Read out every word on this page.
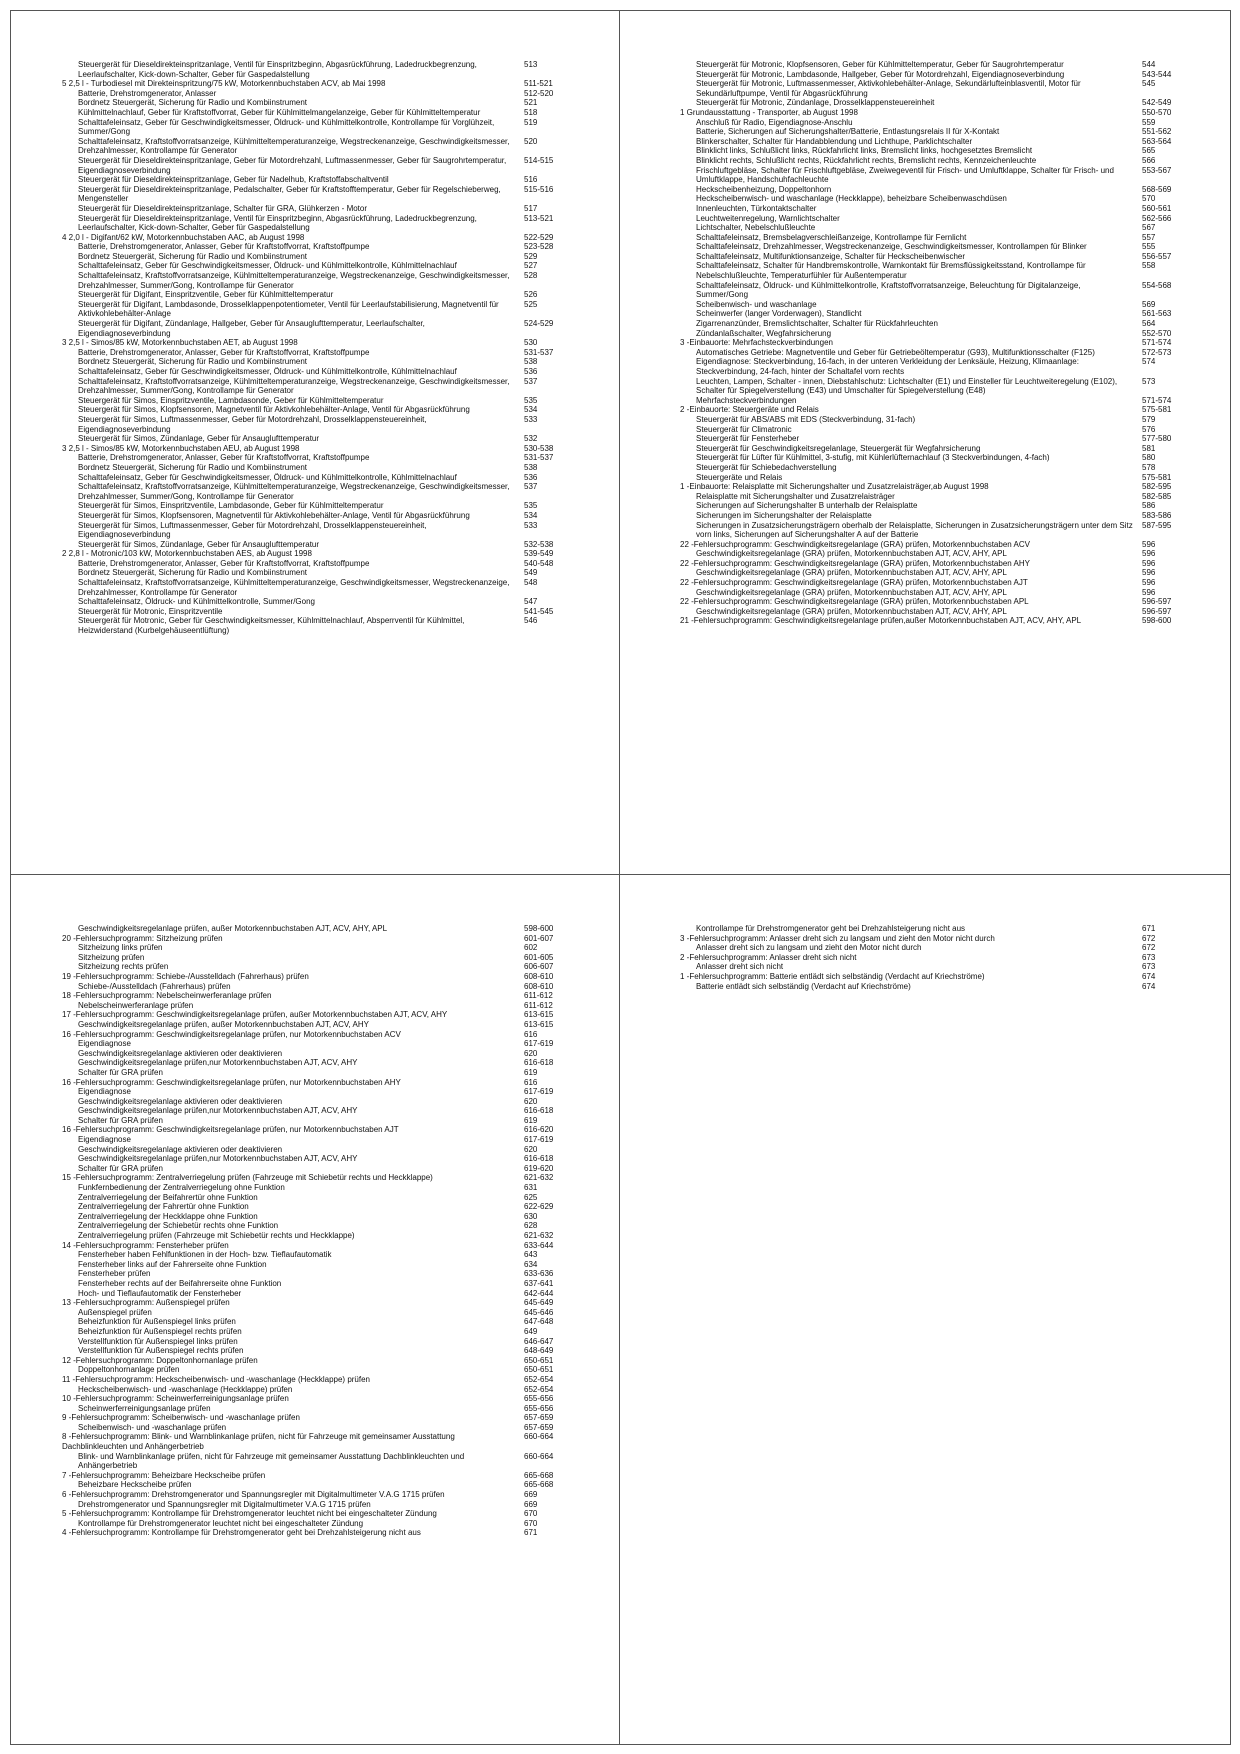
Steuergerät für Dieseldirekteinspritzanlage, Ventil für Einspritzbeginn, Abgasrückführung, Ladedruckbegrenzung, Leerlaufschalter, Kick-down-Schalter, Geber für Gaspedalstellung
513
5 2,5 l - Turbodiesel mit Direkteinspritzung/75 kW, Motorkennbuchstaben ACV, ab Mai 1998	511-521
Batterie, Drehstromgenerator, Anlasser	512-520
Bordnetz Steuergerät, Sicherung für Radio und Kombiinstrument	521
Kühlmittelnachlauf, Geber für Kraftstoffvorrat, Geber für Kühlmittelmangelanzeige, Geber für Kühlmitteltemperatur	518
Schalttafeleinsatz, Geber für Geschwindigkeitsmesser, Öldruck- und Kühlmittelkontrolle, Kontrollampe für Vorglühzeit, Summer/Gong
519
Schalttafeleinsatz, Kraftstoffvorratsanzeige, Kühlmitteltemperaturanzeige, Wegstreckenanzeige, Geschwindigkeitsmesser, Drehzahlmesser, Kontrollampe für Generator
520
Steuergerät für Dieseldirekteinspritzanlage, Geber für Motordrehzahl, Luftmassenmesser, Geber für Saugrohrtemperatur, Eigendiagnoseverbindung
514-515
Steuergerät für Dieseldirekteinspritzanlage, Geber für Nadelhub, Kraftstoffabschaltventil	516
Steuergerät für Dieseldirekteinspritzanlage, Pedalschalter, Geber für Kraftstofftemperatur, Geber für Regelschieberweg, Mengensteller
515-516
Steuergerät für Dieseldirekteinspritzanlage, Schalter für GRA, Glühkerzen - Motor	517
Steuergerät für Dieseldirekteinspritzanlage, Ventil für Einspritzbeginn, Abgasrückführung, Ladedruckbegrenzung, Leerlaufschalter, Kick-down-Schalter, Geber für Gaspedalstellung
513-521
4 2,0 l - Digifant/62 kW, Motorkennbuchstaben AAC, ab August 1998	522-529
Batterie, Drehstromgenerator, Anlasser, Geber für Kraftstoffvorrat, Kraftstoffpumpe	523-528
Bordnetz Steuergerät, Sicherung für Radio und Kombiinstrument	529
Schalttafeleinsatz, Geber für Geschwindigkeitsmesser, Öldruck- und Kühlmittelkontrolle, Kühlmittelnachlauf	527
Schalttafeleinsatz, Kraftstoffvorratsanzeige, Kühlmitteltemperaturanzeige, Wegstreckenanzeige, Geschwindigkeitsmesser, Drehzahlmesser, Summer/Gong, Kontrollampe für Generator
528
Steuergerät für Digifant, Einspritzventile, Geber für Kühlmitteltemperatur	526
Steuergerät für Digifant, Lambdasonde, Drosselklappenpotentiometer, Ventil für Leerlaufstabilisierung, Magnetventil für Aktivkohlebehälter-Anlage
525
Steuergerät für Digifant, Zündanlage, Hallgeber, Geber für Ansauglufttemperatur, Leerlaufschalter, Eigendiagnoseverbindung
524-529
3 2,5 l - Simos/85 kW, Motorkennbuchstaben AET, ab August 1998	530
Batterie, Drehstromgenerator, Anlasser, Geber für Kraftstoffvorrat, Kraftstoffpumpe	531-537
Bordnetz Steuergerät, Sicherung für Radio und Kombiinstrument	538
Schalttafeleinsatz, Geber für Geschwindigkeitsmesser, Öldruck- und Kühlmittelkontrolle, Kühlmittelnachlauf	536
Schalttafeleinsatz, Kraftstoffvorratsanzeige, Kühlmitteltemperaturanzeige, Wegstreckenanzeige, Geschwindigkeitsmesser, Drehzahlmesser, Summer/Gong, Kontrollampe für Generator
537
Steuergerät für Simos, Einspritzventile, Lambdasonde, Geber für Kühlmitteltemperatur	535
Steuergerät für Simos, Klopfsensoren, Magnetventil für Aktivkohlebehälter-Anlage, Ventil für Abgasrückführung	534
Steuergerät für Simos, Luftmassenmesser, Geber für Motordrehzahl, Drosselklappensteuereinheit, Eigendiagnoseverbindung
533
Steuergerät für Simos, Zündanlage, Geber für Ansauglufttemperatur	532
3 2,5 l - Simos/85 kW, Motorkennbuchstaben AEU, ab August 1998	530-538
Batterie, Drehstromgenerator, Anlasser, Geber für Kraftstoffvorrat, Kraftstoffpumpe	531-537
Bordnetz Steuergerät, Sicherung für Radio und Kombiinstrument	538
Schalttafeleinsatz, Geber für Geschwindigkeitsmesser, Öldruck- und Kühlmittelkontrolle, Kühlmittelnachlauf	536
Schalttafeleinsatz, Kraftstoffvorratsanzeige, Kühlmitteltemperaturanzeige, Wegstreckenanzeige, Geschwindigkeitsmesser, Drehzahlmesser, Summer/Gong, Kontrollampe für Generator
537
Steuergerät für Simos, Einspritzventile, Lambdasonde, Geber für Kühlmitteltemperatur	535
Steuergerät für Simos, Klopfsensoren, Magnetventil für Aktivkohlebehälter-Anlage, Ventil für Abgasrückführung	534
Steuergerät für Simos, Luftmassenmesser, Geber für Motordrehzahl, Drosselklappensteuereinheit, Eigendiagnoseverbindung
533
Steuergerät für Simos, Zündanlage, Geber für Ansauglufttemperatur	532-538
2 2,8 l - Motronic/103 kW, Motorkennbuchstaben AES, ab August 1998	539-549
Batterie, Drehstromgenerator, Anlasser, Geber für Kraftstoffvorrat, Kraftstoffpumpe	540-548
Bordnetz Steuergerät, Sicherung für Radio und Kombiinstrument	549
Schalttafeleinsatz, Kraftstoffvorratsanzeige, Kühlmitteltemperaturanzeige, Geschwindigkeitsmesser, Wegstreckenanzeige, Drehzahlmesser, Kontrollampe für Generator
548
Schalttafeleinsatz, Öldruck- und Kühlmittelkontrolle, Summer/Gong	547
Steuergerät für Motronic, Einspritzventile	541-545
Steuergerät für Motronic, Geber für Geschwindigkeitsmesser, Kühlmittelnachlauf, Absperrventil für Kühlmittel, Heizwiderstand (Kurbelgehäuseentlüftung)
546
Steuergerät für Motronic, Klopfsensoren, Geber für Kühlmitteltemperatur, Geber für Saugrohrtemperatur	544
Steuergerät für Motronic, Lambdasonde, Hallgeber, Geber für Motordrehzahl, Eigendiagnoseverbindung	543-544
Steuergerät für Motronic, Luftmassenmesser, Aktivkohlebehälter-Anlage, Sekundärlufteinblasventil, Motor für Sekundärluftpumpe, Ventil für Abgasrückführung
545
Steuergerät für Motronic, Zündanlage, Drosselklappensteuereinheit	542-549
1 Grundausstattung - Transporter, ab August 1998	550-570
Anschluß für Radio, Eigendiagnose-Anschlu	559
Batterie, Sicherungen auf Sicherungshalter/Batterie, Entlastungsrelais II für X-Kontakt	551-562
Blinkerschalter, Schalter für Handabblendung und Lichthupe, Parklichtschalter	563-564
Blinklicht links, Schlußlicht links, Rückfahrlicht links, Bremslicht links, hochgesetztes Bremslicht	565
Blinklicht rechts, Schlußlicht rechts, Rückfahrlicht rechts, Bremslicht rechts, Kennzeichenleuchte	566
Frischluftgebläse, Schalter für Frischluftgebläse, Zweiwegeventil für Frisch- und Umluftklappe, Schalter für Frisch- und Umluftklappe, Handschuhfachleuchte
553-567
Heckscheibenheizung, Doppeltonhorn	568-569
Heckscheibenwisch- und waschanlage (Heckklappe), beheizbare Scheibenwaschdüsen	570
Innenleuchten, Türkontaktschalter	560-561
Leuchtweitenregelung, Warnlichtschalter	562-566
Lichtschalter, Nebelschlußleuchte	567
Schalttafeleinsatz, Bremsbelagverschleißanzeige, Kontrollampe für Fernlicht	557
Schalttafeleinsatz, Drehzahlmesser, Wegstreckenanzeige, Geschwindigkeitsmesser, Kontrollampen für Blinker	555
Schalttafeleinsatz, Multifunktionsanzeige, Schalter für Heckscheibenwischer	556-557
Schalttafeleinsatz, Schalter für Handbremskontrolle, Warnkontakt für Bremsflüssigkeitsstand, Kontrollampe für Nebelschlußleuchte, Temperaturfühler für Außentemperatur
558
Schalttafeleinsatz, Öldruck- und Kühlmittelkontrolle, Kraftstoffvorratsanzeige, Beleuchtung für Digitalanzeige, Summer/Gong
554-568
Scheibenwisch- und waschanlage	569
Scheinwerfer (langer Vorderwagen), Standlicht	561-563
Zigarrenanzünder, Bremslichtschalter, Schalter für Rückfahrleuchten	564
Zündanlaßschalter, Wegfahrsicherung	552-570
3 -Einbauorte: Mehrfachsteckverbindungen	571-574
Automatisches Getriebe: Magnetventile und Geber für Getriebeöltemperatur (G93), Multifunktionsschalter (F125)	572-573
Eigendiagnose: Steckverbindung, 16-fach, in der unteren Verkleidung der Lenksäule, Heizung, Klimaanlage: Steckverbindung, 24-fach, hinter der Schaltafel vorn rechts
574
Leuchten, Lampen, Schalter - innen, Diebstahlschutz: Lichtschalter (E1) und Einsteller für Leuchtweiteregelung (E102), Schalter für Spiegelverstellung (E43) und Umschalter für Spiegelverstellung (E48)
573
Mehrfachsteckverbindungen	571-574
2 -Einbauorte: Steuergeräte und Relais	575-581
Steuergerät für ABS/ABS mit EDS (Steckverbindung, 31-fach)	579
Steuergerät für Climatronic	576
Steuergerät für Fensterheber	577-580
Steuergerät für Geschwindigkeitsregelanlage, Steuergerät für Wegfahrsicherung	581
Steuergerät für Lüfter für Kühlmittel, 3-stufig, mit Kühlerlüfternachlauf (3 Steckverbindungen, 4-fach)	580
Steuergerät für Schiebedachverstellung	578
Steuergeräte und Relais	575-581
1 -Einbauorte: Relaisplatte mit Sicherungshalter und Zusatzrelaisträger,ab August 1998	582-595
Relaisplatte mit Sicherungshalter und Zusatzrelaisträger	582-585
Sicherungen auf Sicherungshalter B unterhalb der Relaisplatte	586
Sicherungen im Sicherungshalter der Relaisplatte	583-586
Sicherungen in Zusatzsicherungsträgern oberhalb der Relaisplatte, Sicherungen in Zusatzsicherungsträgern unter dem Sitz vorn links, Sicherungen auf Sicherungshalter A auf der Batterie
587-595
22 -Fehlersuchprogramm: Geschwindigkeitsregelanlage (GRA) prüfen, Motorkennbuchstaben ACV	596
Geschwindigkeitsregelanlage (GRA) prüfen, Motorkennbuchstaben AJT, ACV, AHY, APL	596
22 -Fehlersuchprogramm: Geschwindigkeitsregelanlage (GRA) prüfen, Motorkennbuchstaben AHY	596
Geschwindigkeitsregelanlage (GRA) prüfen, Motorkennbuchstaben AJT, ACV, AHY, APL	596
22 -Fehlersuchprogramm: Geschwindigkeitsregelanlage (GRA) prüfen, Motorkennbuchstaben AJT	596
Geschwindigkeitsregelanlage (GRA) prüfen, Motorkennbuchstaben AJT, ACV, AHY, APL	596
22 -Fehlersuchprogramm: Geschwindigkeitsregelanlage (GRA) prüfen, Motorkennbuchstaben APL	596-597
Geschwindigkeitsregelanlage (GRA) prüfen, Motorkennbuchstaben AJT, ACV, AHY, APL	596-597
21 -Fehlersuchprogramm: Geschwindigkeitsregelanlage prüfen,außer Motorkennbuchstaben AJT, ACV, AHY, APL	598-600
Geschwindigkeitsregelanlage prüfen, außer Motorkennbuchstaben AJT, ACV, AHY, APL	598-600
20 -Fehlersuchprogramm: Sitzheizung prüfen	601-607
Sitzheizung links prüfen	602
Sitzheizung prüfen	601-605
Sitzheizung rechts prüfen	606-607
19 -Fehlersuchprogramm: Schiebe-/Ausstelldach (Fahrerhaus) prüfen	608-610
Schiebe-/Ausstelldach (Fahrerhaus) prüfen	608-610
18 -Fehlersuchprogramm: Nebelscheinwerferanlage prüfen	611-612
Nebelscheinwerferanlage prüfen	611-612
17 -Fehlersuchprogramm: Geschwindigkeitsregelanlage prüfen, außer Motorkennbuchstaben AJT, ACV, AHY	613-615
Geschwindigkeitsregelanlage prüfen, außer Motorkennbuchstaben AJT, ACV, AHY	613-615
16 -Fehlersuchprogramm: Geschwindigkeitsregelanlage prüfen, nur Motorkennbuchstaben ACV	616
Eigendiagnose	617-619
Geschwindigkeitsregelanlage aktivieren oder deaktivieren	620
Geschwindigkeitsregelanlage prüfen,nur Motorkennbuchstaben AJT, ACV, AHY	616-618
Schalter für GRA prüfen	619
16 -Fehlersuchprogramm: Geschwindigkeitsregelanlage prüfen, nur Motorkennbuchstaben AHY	616
Eigendiagnose	617-619
Geschwindigkeitsregelanlage aktivieren oder deaktivieren	620
Geschwindigkeitsregelanlage prüfen,nur Motorkennbuchstaben AJT, ACV, AHY	616-618
Schalter für GRA prüfen	619
16 -Fehlersuchprogramm: Geschwindigkeitsregelanlage prüfen, nur Motorkennbuchstaben AJT	616-620
Eigendiagnose	617-619
Geschwindigkeitsregelanlage aktivieren oder deaktivieren	620
Geschwindigkeitsregelanlage prüfen,nur Motorkennbuchstaben AJT, ACV, AHY	616-618
Schalter für GRA prüfen	619-620
15 -Fehlersuchprogramm: Zentralverriegelung prüfen (Fahrzeuge mit Schiebetür rechts und Heckklappe)	621-632
Funkfernbedienung der Zentralverriegelung ohne Funktion	631
Zentralverriegelung der Beifahrertür ohne Funktion	625
Zentralverriegelung der Fahrertür ohne Funktion	622-629
Zentralverriegelung der Heckklappe ohne Funktion	630
Zentralverriegelung der Schiebetür rechts ohne Funktion	628
Zentralverriegelung prüfen (Fahrzeuge mit Schiebetür rechts und Heckklappe)	621-632
14 -Fehlersuchprogramm: Fensterheber prüfen	633-644
Fensterheber haben Fehlfunktionen in der Hoch- bzw. Tieflaufautomatik	643
Fensterheber links auf der Fahrerseite ohne Funktion	634
Fensterheber prüfen	633-636
Fensterheber rechts auf der Beifahrerseite ohne Funktion	637-641
Hoch- und Tieflaufautomatik der Fensterheber	642-644
13 -Fehlersuchprogramm: Außenspiegel prüfen	645-649
Außenspiegel prüfen	645-646
Beheizfunktion für Außenspiegel links prüfen	647-648
Beheizfunktion für Außenspiegel rechts prüfen	649
Verstellfunktion für Außenspiegel links prüfen	646-647
Verstellfunktion für Außenspiegel rechts prüfen	648-649
12 -Fehlersuchprogramm: Doppeltonhornanlage prüfen	650-651
Doppeltonhornanlage prüfen	650-651
11 -Fehlersuchprogramm: Heckscheibenwisch- und -waschanlage (Heckklappe) prüfen	652-654
Heckscheibenwisch- und -waschanlage (Heckklappe) prüfen	652-654
10 -Fehlersuchprogramm: Scheinwerferreinigungsanlage prüfen	655-656
Scheinwerferreinigungsanlage prüfen	655-656
9 -Fehlersuchprogramm: Scheibenwisch- und -waschanlage prüfen	657-659
Scheibenwisch- und -waschanlage prüfen	657-659
8 -Fehlersuchprogramm: Blink- und Warnblinkanlage prüfen, nicht für Fahrzeuge mit gemeinsamer Ausstattung Dachblinkleuchten und Anhängerbetrieb
660-664
Blink- und Warnblinkanlage prüfen, nicht für Fahrzeuge mit gemeinsamer Ausstattung Dachblinkleuchten und Anhängerbetrieb
660-664
7 -Fehlersuchprogramm: Beheizbare Heckscheibe prüfen	665-668
Beheizbare Heckscheibe prüfen	665-668
6 -Fehlersuchprogramm: Drehstromgenerator und Spannungsregler mit Digitalmultimeter V.A.G 1715 prüfen	669
Drehstromgenerator und Spannungsregler mit Digitalmultimeter V.A.G 1715 prüfen	669
5 -Fehlersuchprogramm: Kontrollampe für Drehstromgenerator leuchtet nicht bei eingeschalteter Zündung	670
Kontrollampe für Drehstromgenerator leuchtet nicht bei eingeschalteter Zündung	670
4 -Fehlersuchprogramm: Kontrollampe für Drehstromgenerator geht bei Drehzahlsteigerung nicht aus	671
Kontrollampe für Drehstromgenerator geht bei Drehzahlsteigerung nicht aus	671
3 -Fehlersuchprogramm: Anlasser dreht sich zu langsam und zieht den Motor nicht durch	672
Anlasser dreht sich zu langsam und zieht den Motor nicht durch	672
2 -Fehlersuchprogramm: Anlasser dreht sich nicht	673
Anlasser dreht sich nicht	673
1 -Fehlersuchprogramm: Batterie entlädt sich selbständig (Verdacht auf Kriechströme)	674
Batterie entlädt sich selbständig (Verdacht auf Kriechströme)	674
